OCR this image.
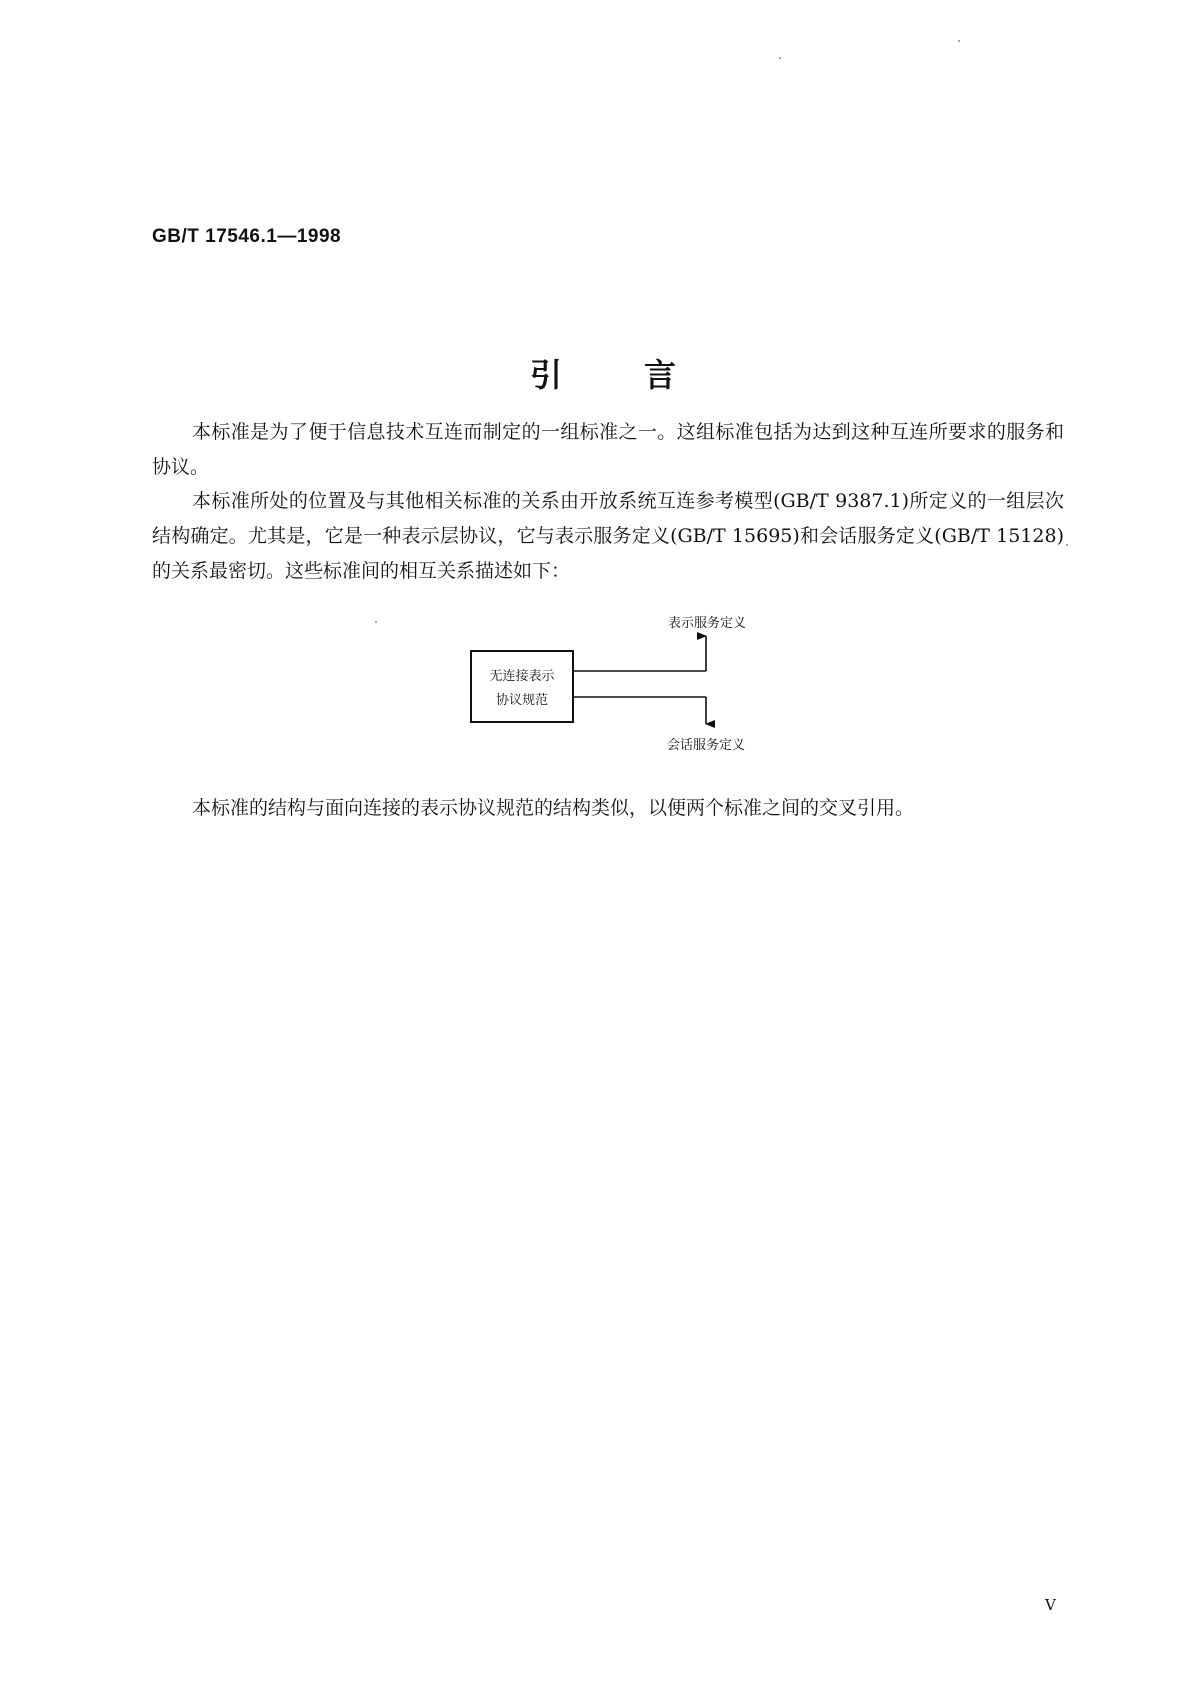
GB/T 17546.1—1998
引	言

本标准是为了便于信息技术互连而制定的一组标准之一。这组标准包括为达到这种互连所要求的服务和协议。

本标准所处的位置及与其他相关标准的关系由开放系统互连参考模型(GB/T 9387.1)所定义的一组层次结构确定。尤其是，它是一种表示层协议，它与表示服务定义(GB/T 15695)和会话服务定义(GB/T 15128)的关系最密切。这些标准间的相互关系描述如下：

无连接表示
协议规范
表示服务定义
会话服务定义

本标准的结构与面向连接的表示协议规范的结构类似，以便两个标准之间的交叉引用。

V
